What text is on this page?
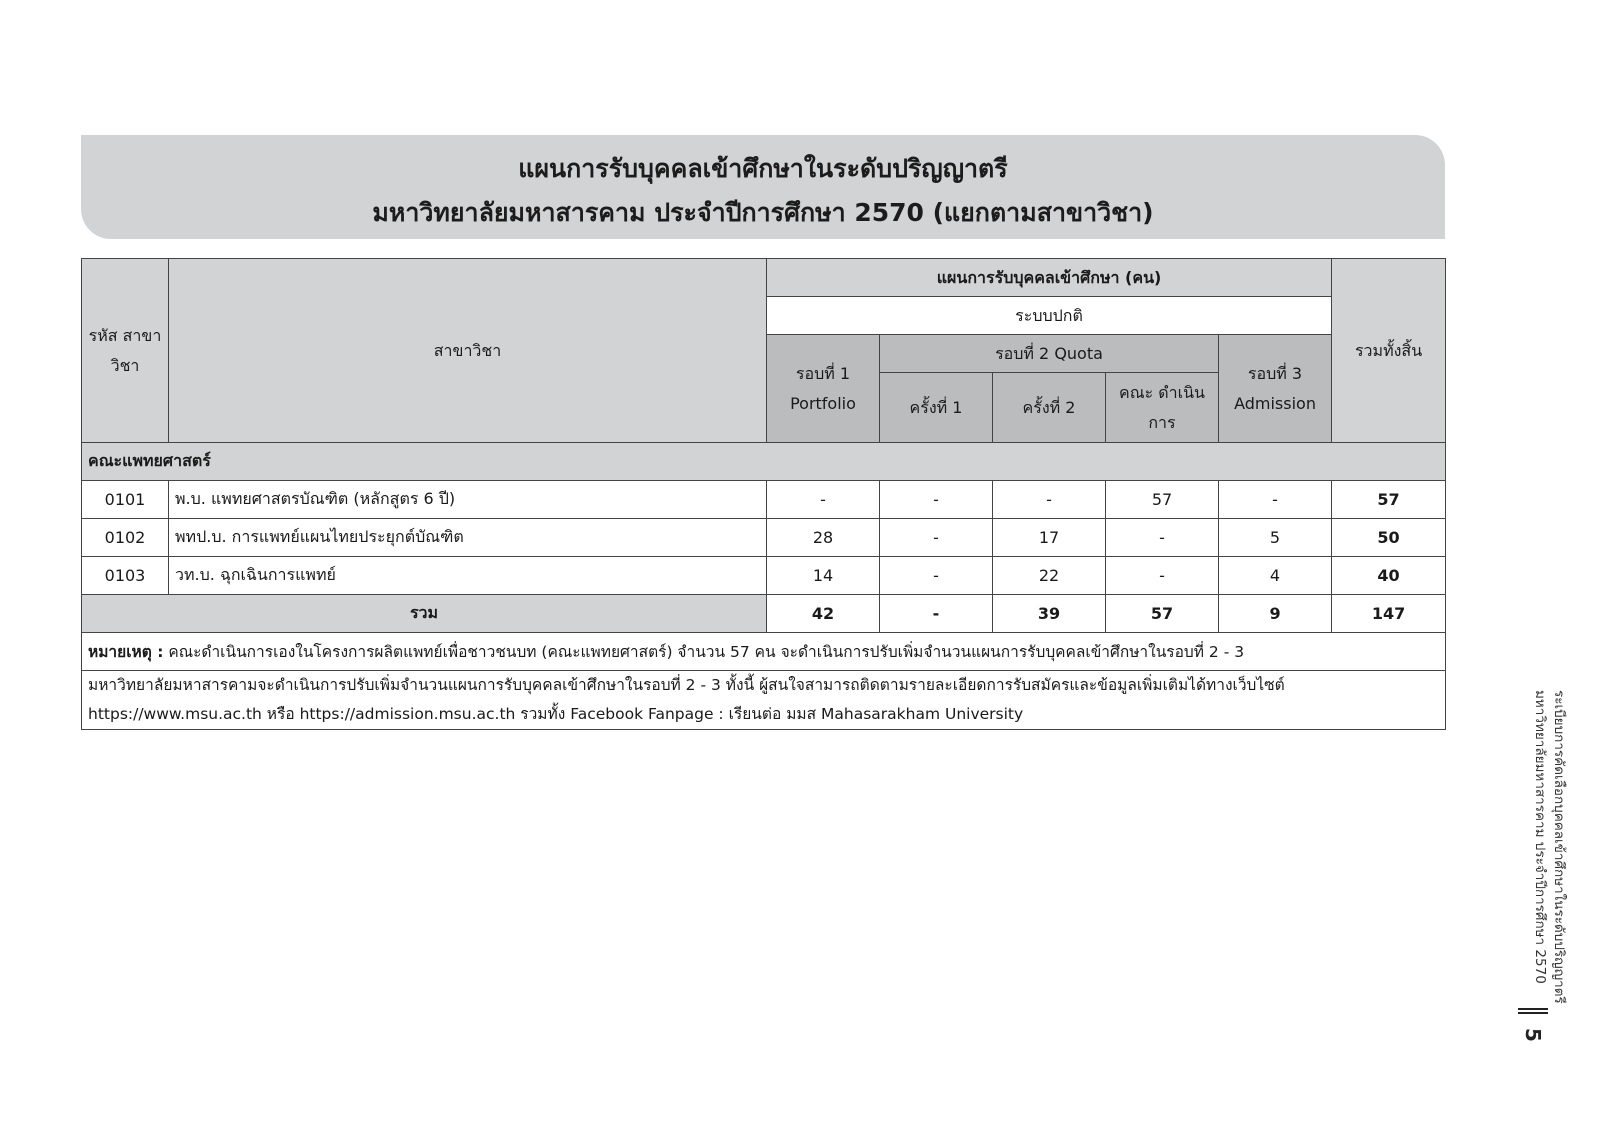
แผนการรับบุคคลเข้าศึกษาในระดับปริญญาตรี
มหาวิทยาลัยมหาสารคาม ประจำปีการศึกษา 2570 (แยกตามสาขาวิชา)
รหัส สาขาวิชา	สาขาวิชา	แผนการรับบุคคลเข้าศึกษา (คน)					รวมทั้งสิ้น
		ระบบปกติ					
		รอบที่ 1 Portfolio	รอบที่ 2 Quota			รอบที่ 3 Admission	
			ครั้งที่ 1	ครั้งที่ 2	คณะ ดำเนินการ		
คณะแพทยศาสตร์							
0101	พ.บ. แพทยศาสตรบัณฑิต (หลักสูตร 6 ปี)	-	-	-	57	-	57
0102	พทป.บ. การแพทย์แผนไทยประยุกต์บัณฑิต	28	-	17	-	5	50
0103	วท.บ. ฉุกเฉินการแพทย์	14	-	22	-	4	40
รวม		42	-	39	57	9	147
หมายเหตุ : คณะดำเนินการเองในโครงการผลิตแพทย์เพื่อชาวชนบท (คณะแพทยศาสตร์) จำนวน 57 คน จะดำเนินการปรับเพิ่มจำนวนแผนการรับบุคคลเข้าศึกษาในรอบที่ 2 - 3							

มหาวิทยาลัยมหาสารคามจะดำเนินการปรับเพิ่มจำนวนแผนการรับบุคคลเข้าศึกษาในรอบที่ 2 - 3 ทั้งนี้ ผู้สนใจสามารถติดตามรายละเอียดการรับสมัครและข้อมูลเพิ่มเติมได้ทางเว็บไซต์
https://www.msu.ac.th หรือ https://admission.msu.ac.th รวมทั้ง Facebook Fanpage : เรียนต่อ มมส Mahasarakham University								ระเบียบการคัดเลือกบุคคลเข้าศึกษาในระดับปริญญาตรี
มหาวิทยาลัยมหาสารคาม ประจำปีการศึกษา 2570
5
